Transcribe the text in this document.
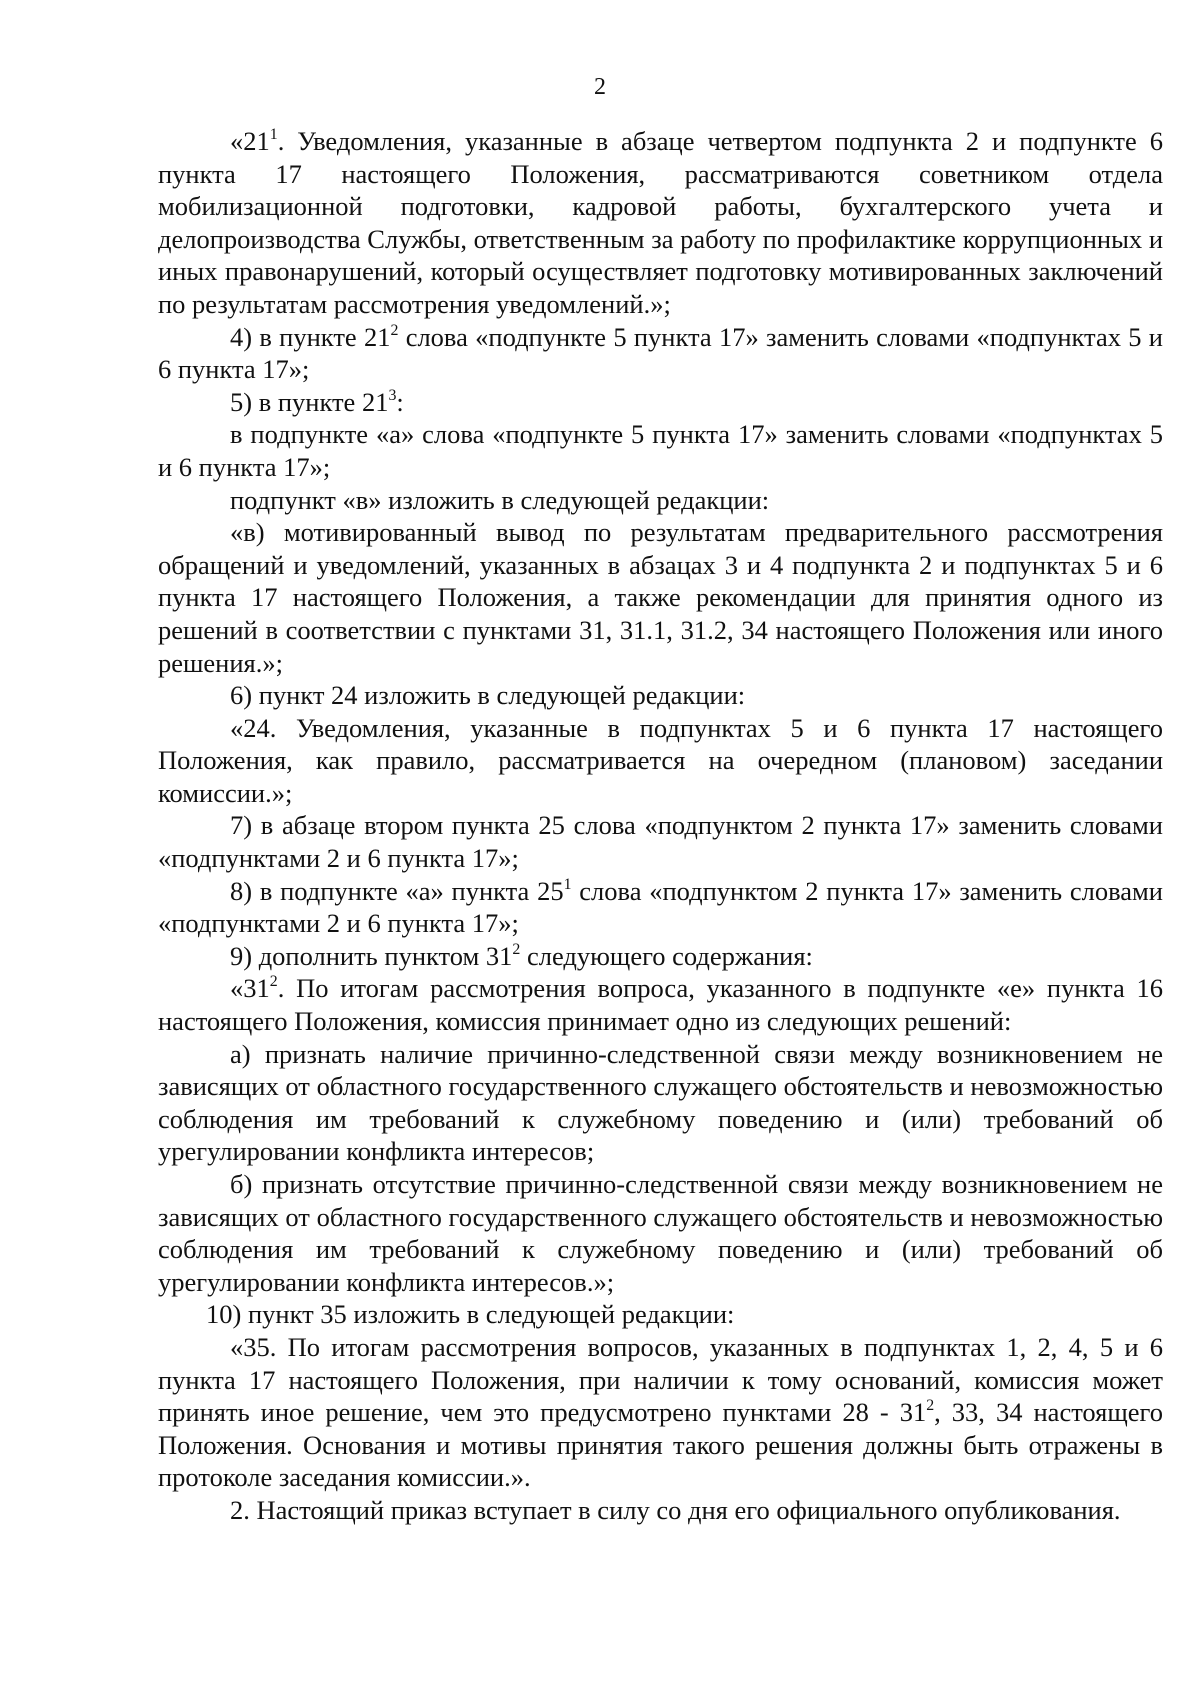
2

«$21^1$. Уведомления, указанные в абзаце четвертом подпункта 2 и подпункте 6 пункта 17 настоящего Положения, рассматриваются советником отдела мобилизационной подготовки, кадровой работы, бухгалтерского учета и делопроизводства Службы, ответственным за работу по профилактике коррупционных и иных правонарушений, который осуществляет подготовку мотивированных заключений по результатам рассмотрения уведомлений.»;

4) в пункте $21^2$ слова «подпункте 5 пункта 17» заменить словами «подпунктах 5 и 6 пункта 17»;

5) в пункте $21^3$:

в подпункте «а» слова «подпункте 5 пункта 17» заменить словами «подпунктах 5 и 6 пункта 17»;

подпункт «в» изложить в следующей редакции:

«в) мотивированный вывод по результатам предварительного рассмотрения обращений и уведомлений, указанных в абзацах 3 и 4 подпункта 2 и подпунктах 5 и 6 пункта 17 настоящего Положения, а также рекомендации для принятия одного из решений в соответствии с пунктами 31, 31.1, 31.2, 34 настоящего Положения или иного решения.»;

6) пункт 24 изложить в следующей редакции:

«24. Уведомления, указанные в подпунктах 5 и 6 пункта 17 настоящего Положения, как правило, рассматривается на очередном (плановом) заседании комиссии.»;

7) в абзаце втором пункта 25 слова «подпунктом 2 пункта 17» заменить словами «подпунктами 2 и 6 пункта 17»;

8) в подпункте «а» пункта $25^1$ слова «подпунктом 2 пункта 17» заменить словами «подпунктами 2 и 6 пункта 17»;

9) дополнить пунктом $31^2$ следующего содержания:

«$31^2$. По итогам рассмотрения вопроса, указанного в подпункте «е» пункта 16 настоящего Положения, комиссия принимает одно из следующих решений:

а) признать наличие причинно-следственной связи между возникновением не зависящих от областного государственного служащего обстоятельств и невозможностью соблюдения им требований к служебному поведению и (или) требований об урегулировании конфликта интересов;

б) признать отсутствие причинно-следственной связи между возникновением не зависящих от областного государственного служащего обстоятельств и невозможностью соблюдения им требований к служебному поведению и (или) требований об урегулировании конфликта интересов.»;

10) пункт 35 изложить в следующей редакции:

«35. По итогам рассмотрения вопросов, указанных в подпунктах 1, 2, 4, 5 и 6 пункта 17 настоящего Положения, при наличии к тому оснований, комиссия может принять иное решение, чем это предусмотрено пунктами $28 - 31^2$, 33, 34 настоящего Положения. Основания и мотивы принятия такого решения должны быть отражены в протоколе заседания комиссии.».

2. Настоящий приказ вступает в силу со дня его официального опубликования.
